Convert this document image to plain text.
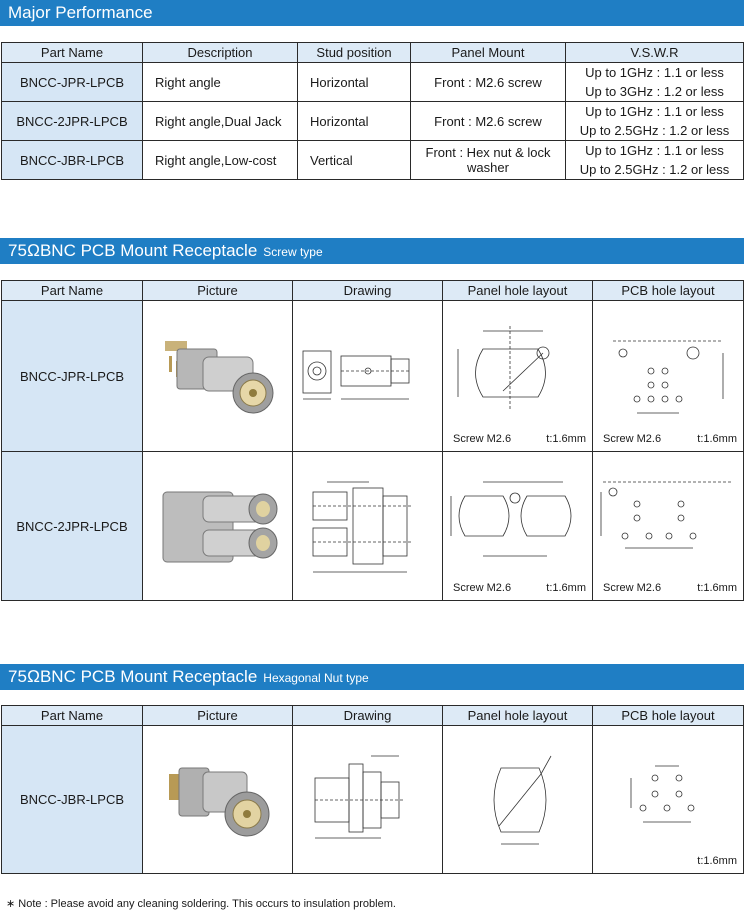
Major Performance
Part Name	Description	Stud position	Panel Mount	V.S.W.R
BNCC-JPR-LPCB	Right angle	Horizontal	Front : M2.6 screw	Up to 1GHz : 1.1 or less
Up to 3GHz : 1.2 or less

BNCC-2JPR-LPCB	Right angle,Dual Jack	Horizontal	Front : M2.6 screw	Up to 1GHz : 1.1 or less
Up to 2.5GHz : 1.2 or less

BNCC-JBR-LPCB	Right angle,Low-cost	Vertical	Front : Hex nut & lock washer	Up to 1GHz : 1.1 or less
Up to 2.5GHz : 1.2 or less
75ΩBNC PCB Mount Receptacle Screw type
Part Name	Picture	Drawing	Panel hole layout	PCB hole layout
BNCC-JPR-LPCB			Screw M2.6 t:1.6mm	Screw M2.6 t:1.6mm

BNCC-2JPR-LPCB			Screw M2.6 t:1.6mm	Screw M2.6 t:1.6mm
75ΩBNC PCB Mount Receptacle Hexagonal Nut type
Part Name	Picture	Drawing	Panel hole layout	PCB hole layout
BNCC-JBR-LPCB				t:1.6mm
∗ Note : Please avoid any cleaning soldering. This occurs to insulation problem.
